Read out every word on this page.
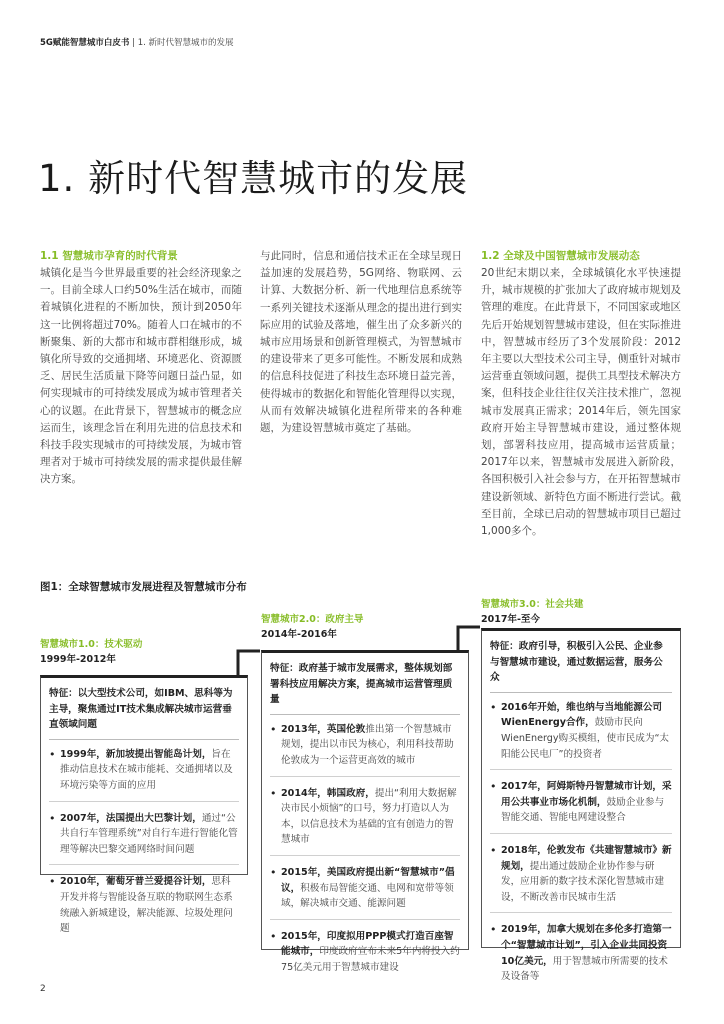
5G赋能智慧城市白皮书 | 1. 新时代智慧城市的发展
1. 新时代智慧城市的发展
1.1 智慧城市孕育的时代背景

城镇化是当今世界最重要的社会经济现象之一。目前全球人口约50%生活在城市，而随着城镇化进程的不断加快，预计到2050年这一比例将超过70%。随着人口在城市的不断聚集、新的大都市和城市群相继形成，城镇化所导致的交通拥堵、环境恶化、资源匮乏、居民生活质量下降等问题日益凸显，如何实现城市的可持续发展成为城市管理者关心的议题。在此背景下，智慧城市的概念应运而生，该理念旨在利用先进的信息技术和科技手段实现城市的可持续发展，为城市管理者对于城市可持续发展的需求提供最佳解决方案。

与此同时，信息和通信技术正在全球呈现日益加速的发展趋势，5G网络、物联网、云计算、大数据分析、新一代地理信息系统等一系列关键技术逐渐从理念的提出进行到实际应用的试验及落地，催生出了众多新兴的城市应用场景和创新管理模式，为智慧城市的建设带来了更多可能性。不断发展和成熟的信息科技促进了科技生态环境日益完善，使得城市的数据化和智能化管理得以实现，从而有效解决城镇化进程所带来的各种难题，为建设智慧城市奠定了基础。

1.2 全球及中国智慧城市发展动态

20世纪末期以来，全球城镇化水平快速提升，城市规模的扩张加大了政府城市规划及管理的难度。在此背景下，不同国家或地区先后开始规划智慧城市建设，但在实际推进中，智慧城市经历了3个发展阶段：2012年主要以大型技术公司主导，侧重针对城市运营垂直领域问题，提供工具型技术解决方案，但科技企业往往仅关注技术推广，忽视城市发展真正需求；2014年后，领先国家政府开始主导智慧城市建设，通过整体规划，部署科技应用，提高城市运营质量；2017年以来，智慧城市发展进入新阶段，各国积极引入社会参与方，在开拓智慧城市建设新领域、新特色方面不断进行尝试。截至目前，全球已启动的智慧城市项目已超过1,000多个。

图1：全球智慧城市发展进程及智慧城市分布
智慧城市1.0：技术驱动
1999年-2012年
智慧城市2.0：政府主导
2014年-2016年
智慧城市3.0：社会共建
2017年-至今
特征：以大型技术公司，如IBM、思科等为主导，聚焦通过IT技术集成解决城市运营垂直领域问题
• 1999年，新加坡提出智能岛计划，旨在推动信息技术在城市能耗、交通拥堵以及环境污染等方面的应用
• 2007年，法国提出大巴黎计划，通过“公共自行车管理系统”对自行车进行智能化管理等解决巴黎交通网络时间问题
• 2010年，葡萄牙普兰爱提谷计划，思科开发并将与智能设备互联的物联网生态系统融入新城建设，解决能源、垃圾处理问题
特征：政府基于城市发展需求，整体规划部署科技应用解决方案，提高城市运营管理质量
• 2013年，英国伦敦推出第一个智慧城市规划，提出以市民为核心，利用科技帮助伦敦成为一个运营更高效的城市
• 2014年，韩国政府，提出“利用大数据解决市民小烦恼”的口号，努力打造以人为本，以信息技术为基础的宜有创造力的智慧城市
• 2015年，美国政府提出新“智慧城市”倡议，积极布局智能交通、电网和宽带等领域，解决城市交通、能源问题
• 2015年，印度拟用PPP模式打造百座智能城市，印度政府宣布未来5年内将投入约75亿美元用于智慧城市建设
特征：政府引导，积极引入公民、企业参与智慧城市建设，通过数据运营，服务公众
• 2016年开始，维也纳与当地能源公司WienEnergy合作，鼓励市民向WienEnergy购买模组，使市民成为“太阳能公民电厂”的投资者
• 2017年，阿姆斯特丹智慧城市计划，采用公共事业市场化机制，鼓励企业参与智能交通、智能电网建设整合
• 2018年，伦敦发布《共建智慧城市》新规划，提出通过鼓励企业协作参与研发，应用新的数字技术深化智慧城市建设，不断改善市民城市生活
• 2019年，加拿大规划在多伦多打造第一个“智慧城市计划”，引入企业共同投资10亿美元，用于智慧城市所需要的技术及设备等
2
